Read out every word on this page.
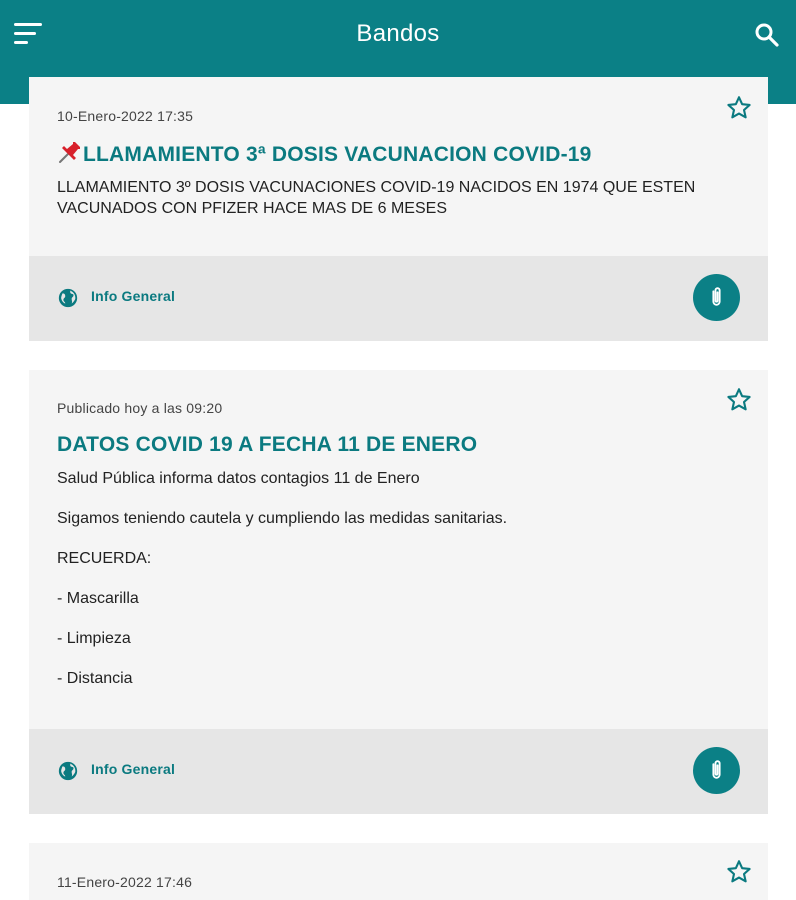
Bandos
10-Enero-2022 17:35
LLAMAMIENTO 3ª DOSIS VACUNACION COVID-19

LLAMAMIENTO 3º DOSIS VACUNACIONES COVID-19 NACIDOS EN 1974 QUE ESTEN VACUNADOS CON PFIZER HACE MAS DE 6 MESES

Info General
Publicado hoy a las 09:20
DATOS COVID 19 A FECHA 11 DE ENERO

Salud Pública informa datos contagios 11 de Enero

Sigamos teniendo cautela y cumpliendo las medidas sanitarias.

RECUERDA:

- Mascarilla

- Limpieza

- Distancia

Info General
11-Enero-2022 17:46
